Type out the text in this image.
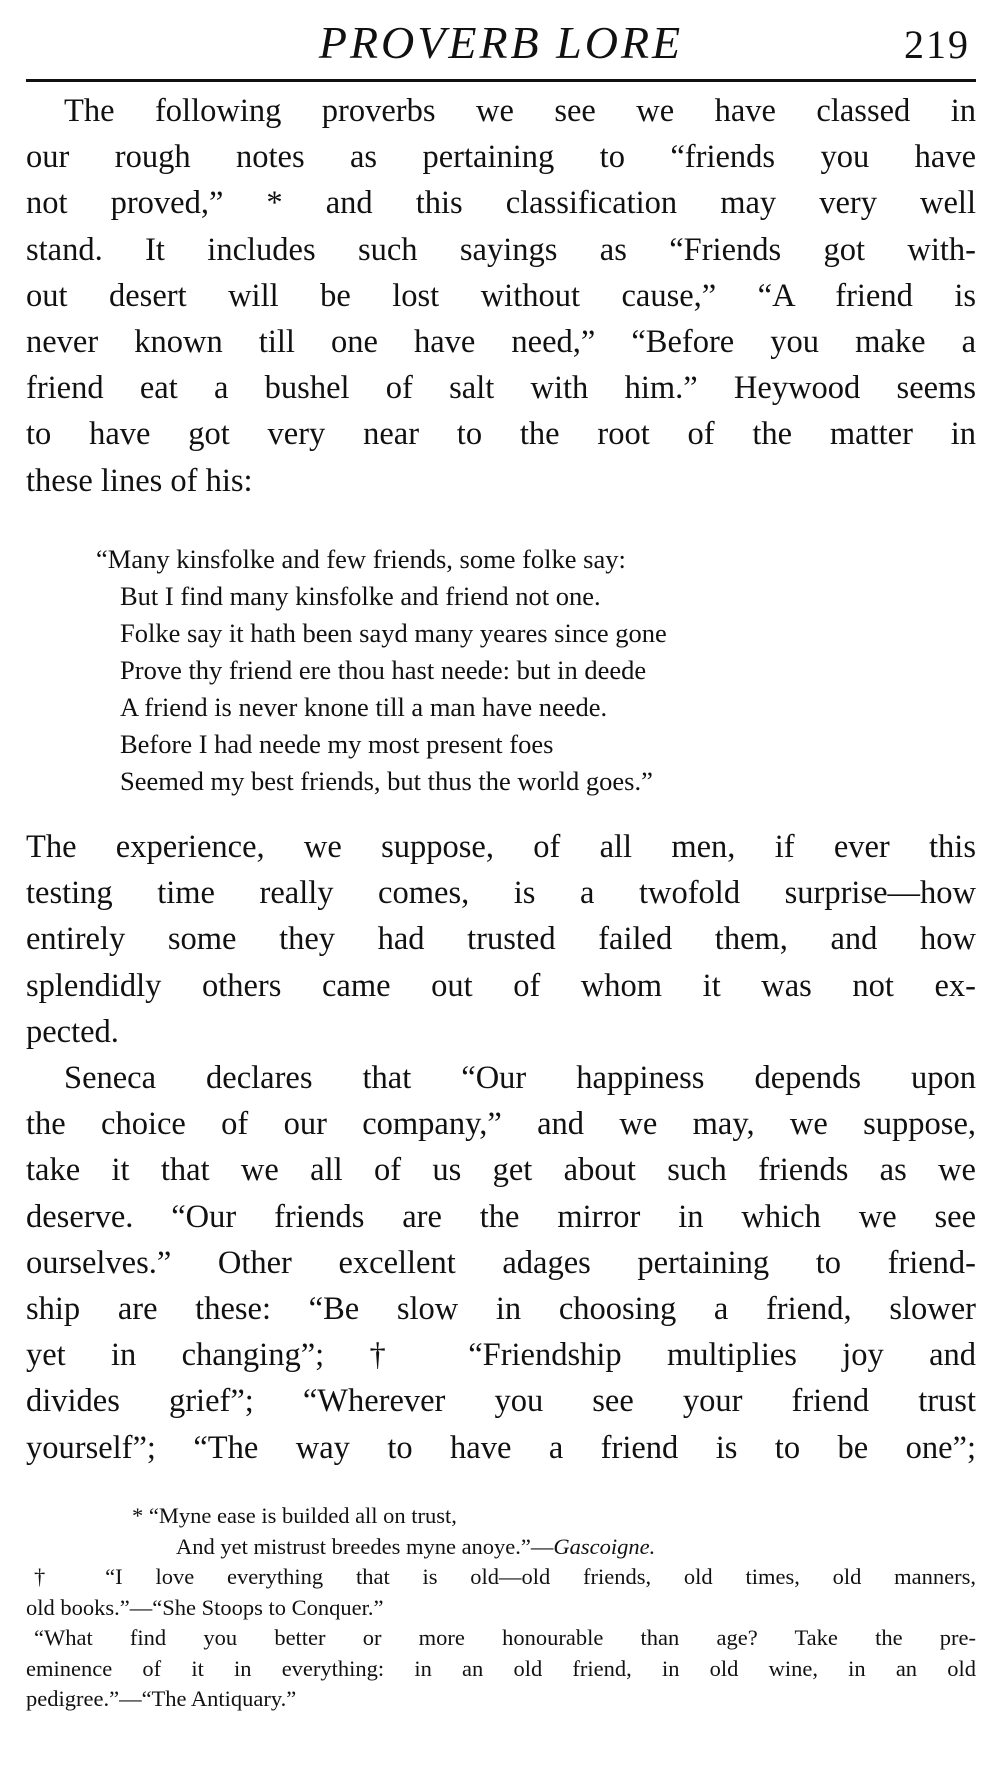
PROVERB LORE	219
The following proverbs we see we have classed in
our rough notes as pertaining to “friends you have
not proved,” * and this classification may very well
stand. It includes such sayings as “Friends got with-
out desert will be lost without cause,” “A friend is
never known till one have need,” “Before you make a
friend eat a bushel of salt with him.” Heywood seems
to have got very near to the root of the matter in
these lines of his:
“Many kinsfolke and few friends, some folke say:
But I find many kinsfolke and friend not one.
Folke say it hath been sayd many yeares since gone
Prove thy friend ere thou hast neede: but in deede
A friend is never knone till a man have neede.
Before I had neede my most present foes
Seemed my best friends, but thus the world goes.”
The experience, we suppose, of all men, if ever this
testing time really comes, is a twofold surprise—how
entirely some they had trusted failed them, and how
splendidly others came out of whom it was not ex-
pected.
Seneca declares that “Our happiness depends upon
the choice of our company,” and we may, we suppose,
take it that we all of us get about such friends as we
deserve. “Our friends are the mirror in which we see
ourselves.” Other excellent adages pertaining to friend-
ship are these: “Be slow in choosing a friend, slower
yet in changing”; † “Friendship multiplies joy and
divides grief”; “Wherever you see your friend trust
yourself”; “The way to have a friend is to be one”;
* “Myne ease is builded all on trust,
And yet mistrust breedes myne anoye.”—Gascoigne.
† “I love everything that is old—old friends, old times, old manners,
old books.”—“She Stoops to Conquer.”
“What find you better or more honourable than age? Take the pre-
eminence of it in everything: in an old friend, in old wine, in an old
pedigree.”—“The Antiquary.”
